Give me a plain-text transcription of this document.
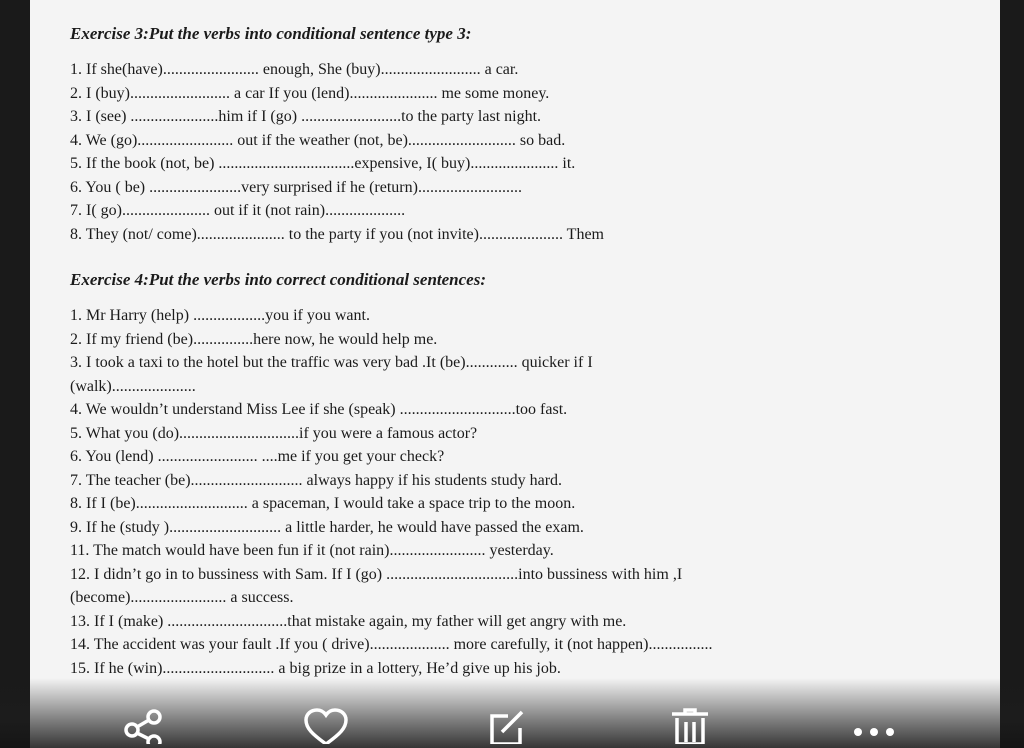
Exercise 3:Put the verbs into conditional sentence type 3:
1. If she(have)........................ enough, She (buy)......................... a car.
2. I (buy)......................... a car If you (lend)...................... me some money.
3. I (see) ......................him if I (go) .........................to the party last night.
4. We (go)........................ out if the weather (not, be)........................... so bad.
5. If the book (not, be) ..................................expensive, I( buy)...................... it.
6. You ( be) .......................very surprised if he (return)..........................
7. I( go)...................... out if it (not rain)....................
8. They (not/ come)...................... to the party if you (not invite)..................... Them
Exercise 4:Put the verbs into correct conditional sentences:
1. Mr Harry (help) ..................you if you want.
2. If my friend (be)...............here now, he would help me.
3. I took a taxi to the hotel but the traffic was very bad .It (be)............. quicker if I
(walk).....................
4. We wouldn’t understand Miss Lee if she (speak) .............................too fast.
5. What you (do)..............................if you were a famous actor?
6. You (lend) ......................... ....me if you get your check?
7. The teacher (be)............................ always happy if his students study hard.
8. If I (be)............................ a spaceman, I would take a space trip to the moon.
9. If he (study )............................ a little harder, he would have passed the exam.
11. The match would have been fun if it (not rain)........................ yesterday.
12. I didn’t go in to bussiness with Sam. If I (go) .................................into bussiness with him ,I
(become)........................ a success.
13. If I (make) ..............................that mistake again, my father will get angry with me.
14. The accident was your fault .If you ( drive).................... more carefully, it (not happen)................
15. If he (win)............................ a big prize in a lottery, He’d give up his job.
